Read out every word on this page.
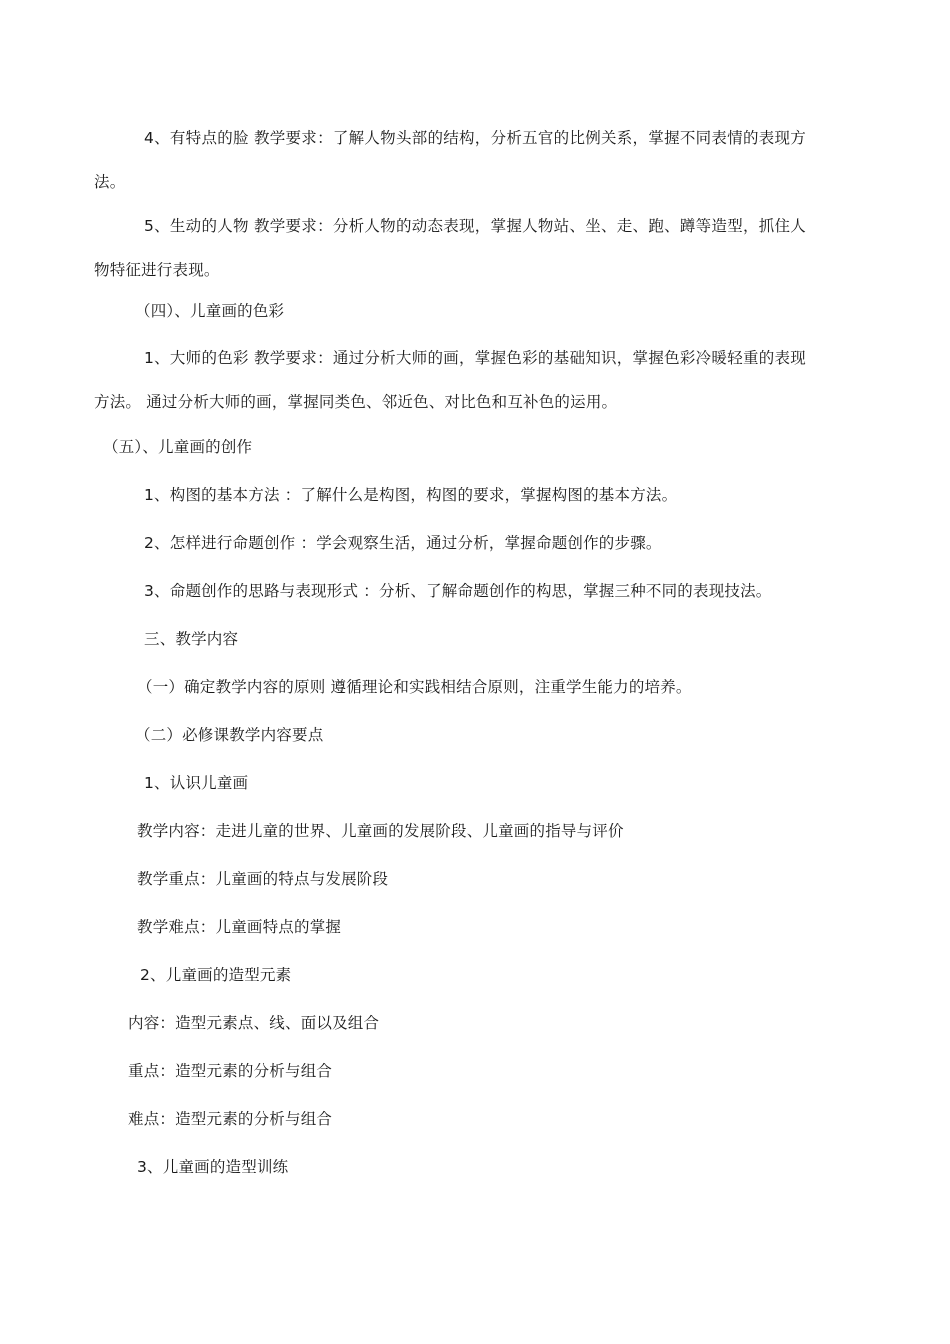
4、有特点的脸 教学要求：了解人物头部的结构，分析五官的比例关系，掌握不同表情的表现方法。
5、生动的人物 教学要求：分析人物的动态表现，掌握人物站、坐、走、跑、蹲等造型，抓住人物特征进行表现。
（四）、儿童画的色彩
1、大师的色彩 教学要求：通过分析大师的画，掌握色彩的基础知识，掌握色彩冷暖轻重的表现方法。 通过分析大师的画，掌握同类色、邻近色、对比色和互补色的运用。
（五）、儿童画的创作
1、构图的基本方法 ：了解什么是构图，构图的要求，掌握构图的基本方法。
2、怎样进行命题创作 ：学会观察生活，通过分析，掌握命题创作的步骤。
3、命题创作的思路与表现形式 ：分析、了解命题创作的构思，掌握三种不同的表现技法。
三、教学内容
（一）确定教学内容的原则 遵循理论和实践相结合原则，注重学生能力的培养。
（二）必修课教学内容要点
1、认识儿童画
教学内容：走进儿童的世界、儿童画的发展阶段、儿童画的指导与评价
教学重点：儿童画的特点与发展阶段
教学难点：儿童画特点的掌握
2、儿童画的造型元素
内容：造型元素点、线、面以及组合
重点：造型元素的分析与组合
难点：造型元素的分析与组合
3、儿童画的造型训练
